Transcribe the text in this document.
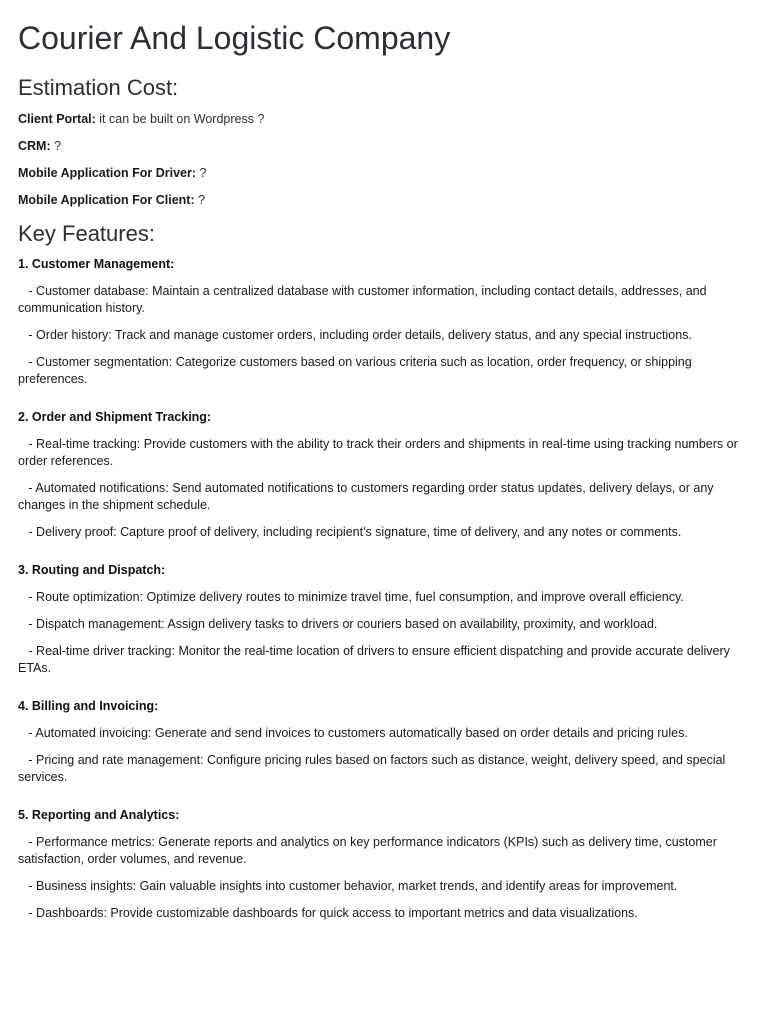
Courier And Logistic Company
Estimation Cost:

Client Portal: it can be built on Wordpress ?

CRM: ?

Mobile Application For Driver: ?

Mobile Application For Client: ?

Key Features:

1. Customer Management:

- Customer database: Maintain a centralized database with customer information, including contact details, addresses, and communication history.

- Order history: Track and manage customer orders, including order details, delivery status, and any special instructions.

- Customer segmentation: Categorize customers based on various criteria such as location, order frequency, or shipping preferences.

2. Order and Shipment Tracking:

- Real-time tracking: Provide customers with the ability to track their orders and shipments in real-time using tracking numbers or order references.

- Automated notifications: Send automated notifications to customers regarding order status updates, delivery delays, or any changes in the shipment schedule.

- Delivery proof: Capture proof of delivery, including recipient's signature, time of delivery, and any notes or comments.

3. Routing and Dispatch:

- Route optimization: Optimize delivery routes to minimize travel time, fuel consumption, and improve overall efficiency.

- Dispatch management: Assign delivery tasks to drivers or couriers based on availability, proximity, and workload.

- Real-time driver tracking: Monitor the real-time location of drivers to ensure efficient dispatching and provide accurate delivery ETAs.

4. Billing and Invoicing:

- Automated invoicing: Generate and send invoices to customers automatically based on order details and pricing rules.

- Pricing and rate management: Configure pricing rules based on factors such as distance, weight, delivery speed, and special services.

5. Reporting and Analytics:

- Performance metrics: Generate reports and analytics on key performance indicators (KPIs) such as delivery time, customer satisfaction, order volumes, and revenue.

- Business insights: Gain valuable insights into customer behavior, market trends, and identify areas for improvement.

- Dashboards: Provide customizable dashboards for quick access to important metrics and data visualizations.
